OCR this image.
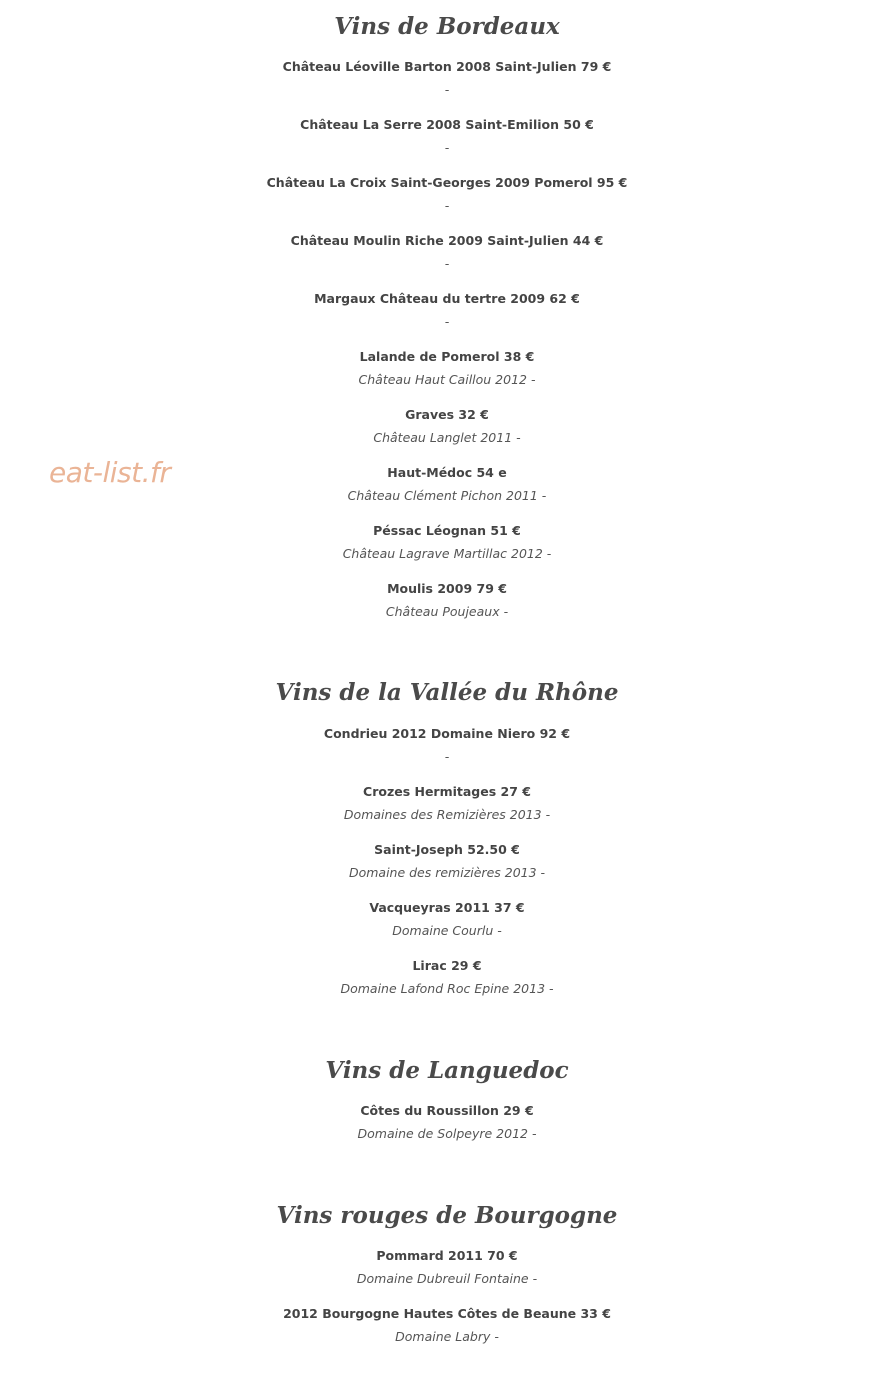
Vins de Bordeaux
Château Léoville Barton 2008 Saint-Julien 79 €
-
Château La Serre 2008 Saint-Emilion 50 €
-
Château La Croix Saint-Georges 2009 Pomerol 95 €
-
Château Moulin Riche 2009 Saint-Julien 44 €
-
Margaux Château du tertre 2009 62 €
-
Lalande de Pomerol 38 €
Château Haut Caillou 2012 -
Graves 32 €
Château Langlet 2011 -
Haut-Médoc 54 e
Château Clément Pichon 2011 -
Péssac Léognan 51 €
Château Lagrave Martillac 2012 -
Moulis 2009 79 €
Château Poujeaux -
Vins de la Vallée du Rhône
Condrieu 2012 Domaine Niero 92 €
-
Crozes Hermitages 27 €
Domaines des Remizières 2013 -
Saint-Joseph 52.50 €
Domaine des remizières 2013 -
Vacqueyras 2011 37 €
Domaine Courlu -
Lirac 29 €
Domaine Lafond Roc Epine 2013 -
Vins de Languedoc
Côtes du Roussillon 29 €
Domaine de Solpeyre 2012 -
Vins rouges de Bourgogne
Pommard 2011 70 €
Domaine Dubreuil Fontaine -
2012 Bourgogne Hautes Côtes de Beaune 33 €
Domaine Labry -
eat-list.fr
